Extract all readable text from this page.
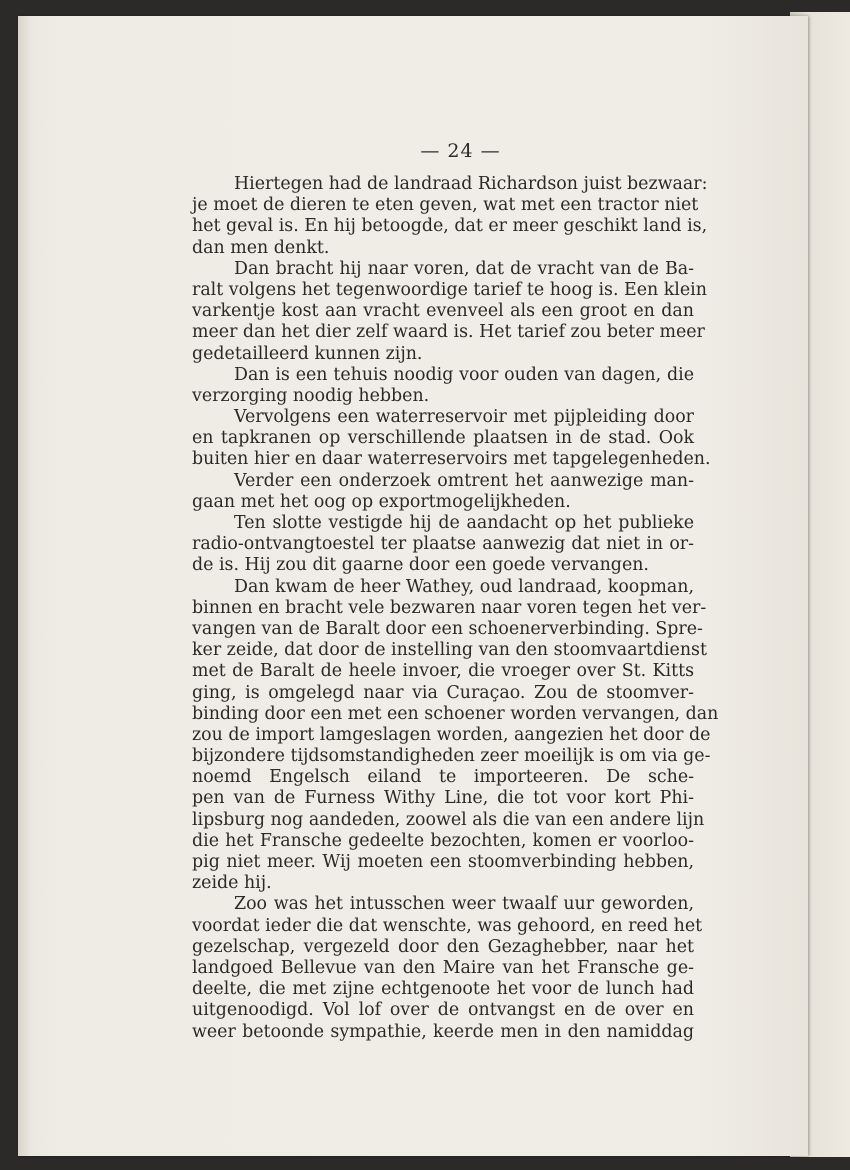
— 24 —
Hiertegen had de landraad Richardson juist bezwaar:
je moet de dieren te eten geven, wat met een tractor niet
het geval is. En hij betoogde, dat er meer geschikt land is,
dan men denkt.
Dan bracht hij naar voren, dat de vracht van de Ba-
ralt volgens het tegenwoordige tarief te hoog is. Een klein
varkentje kost aan vracht evenveel als een groot en dan
meer dan het dier zelf waard is. Het tarief zou beter meer
gedetailleerd kunnen zijn.
Dan is een tehuis noodig voor ouden van dagen, die
verzorging noodig hebben.
Vervolgens een waterreservoir met pijpleiding door
en tapkranen op verschillende plaatsen in de stad. Ook
buiten hier en daar waterreservoirs met tapgelegenheden.
Verder een onderzoek omtrent het aanwezige man-
gaan met het oog op exportmogelijkheden.
Ten slotte vestigde hij de aandacht op het publieke
radio-ontvangtoestel ter plaatse aanwezig dat niet in or-
de is. Hij zou dit gaarne door een goede vervangen.
Dan kwam de heer Wathey, oud landraad, koopman,
binnen en bracht vele bezwaren naar voren tegen het ver-
vangen van de Baralt door een schoenerverbinding. Spre-
ker zeide, dat door de instelling van den stoomvaartdienst
met de Baralt de heele invoer, die vroeger over St. Kitts
ging, is omgelegd naar via Curaçao. Zou de stoomver-
binding door een met een schoener worden vervangen, dan
zou de import lamgeslagen worden, aangezien het door de
bijzondere tijdsomstandigheden zeer moeilijk is om via ge-
noemd Engelsch eiland te importeeren. De sche-
pen van de Furness Withy Line, die tot voor kort Phi-
lipsburg nog aandeden, zoowel als die van een andere lijn
die het Fransche gedeelte bezochten, komen er voorloo-
pig niet meer. Wij moeten een stoomverbinding hebben,
zeide hij.
Zoo was het intusschen weer twaalf uur geworden,
voordat ieder die dat wenschte, was gehoord, en reed het
gezelschap, vergezeld door den Gezaghebber, naar het
landgoed Bellevue van den Maire van het Fransche ge-
deelte, die met zijne echtgenoote het voor de lunch had
uitgenoodigd. Vol lof over de ontvangst en de over en
weer betoonde sympathie, keerde men in den namiddag
